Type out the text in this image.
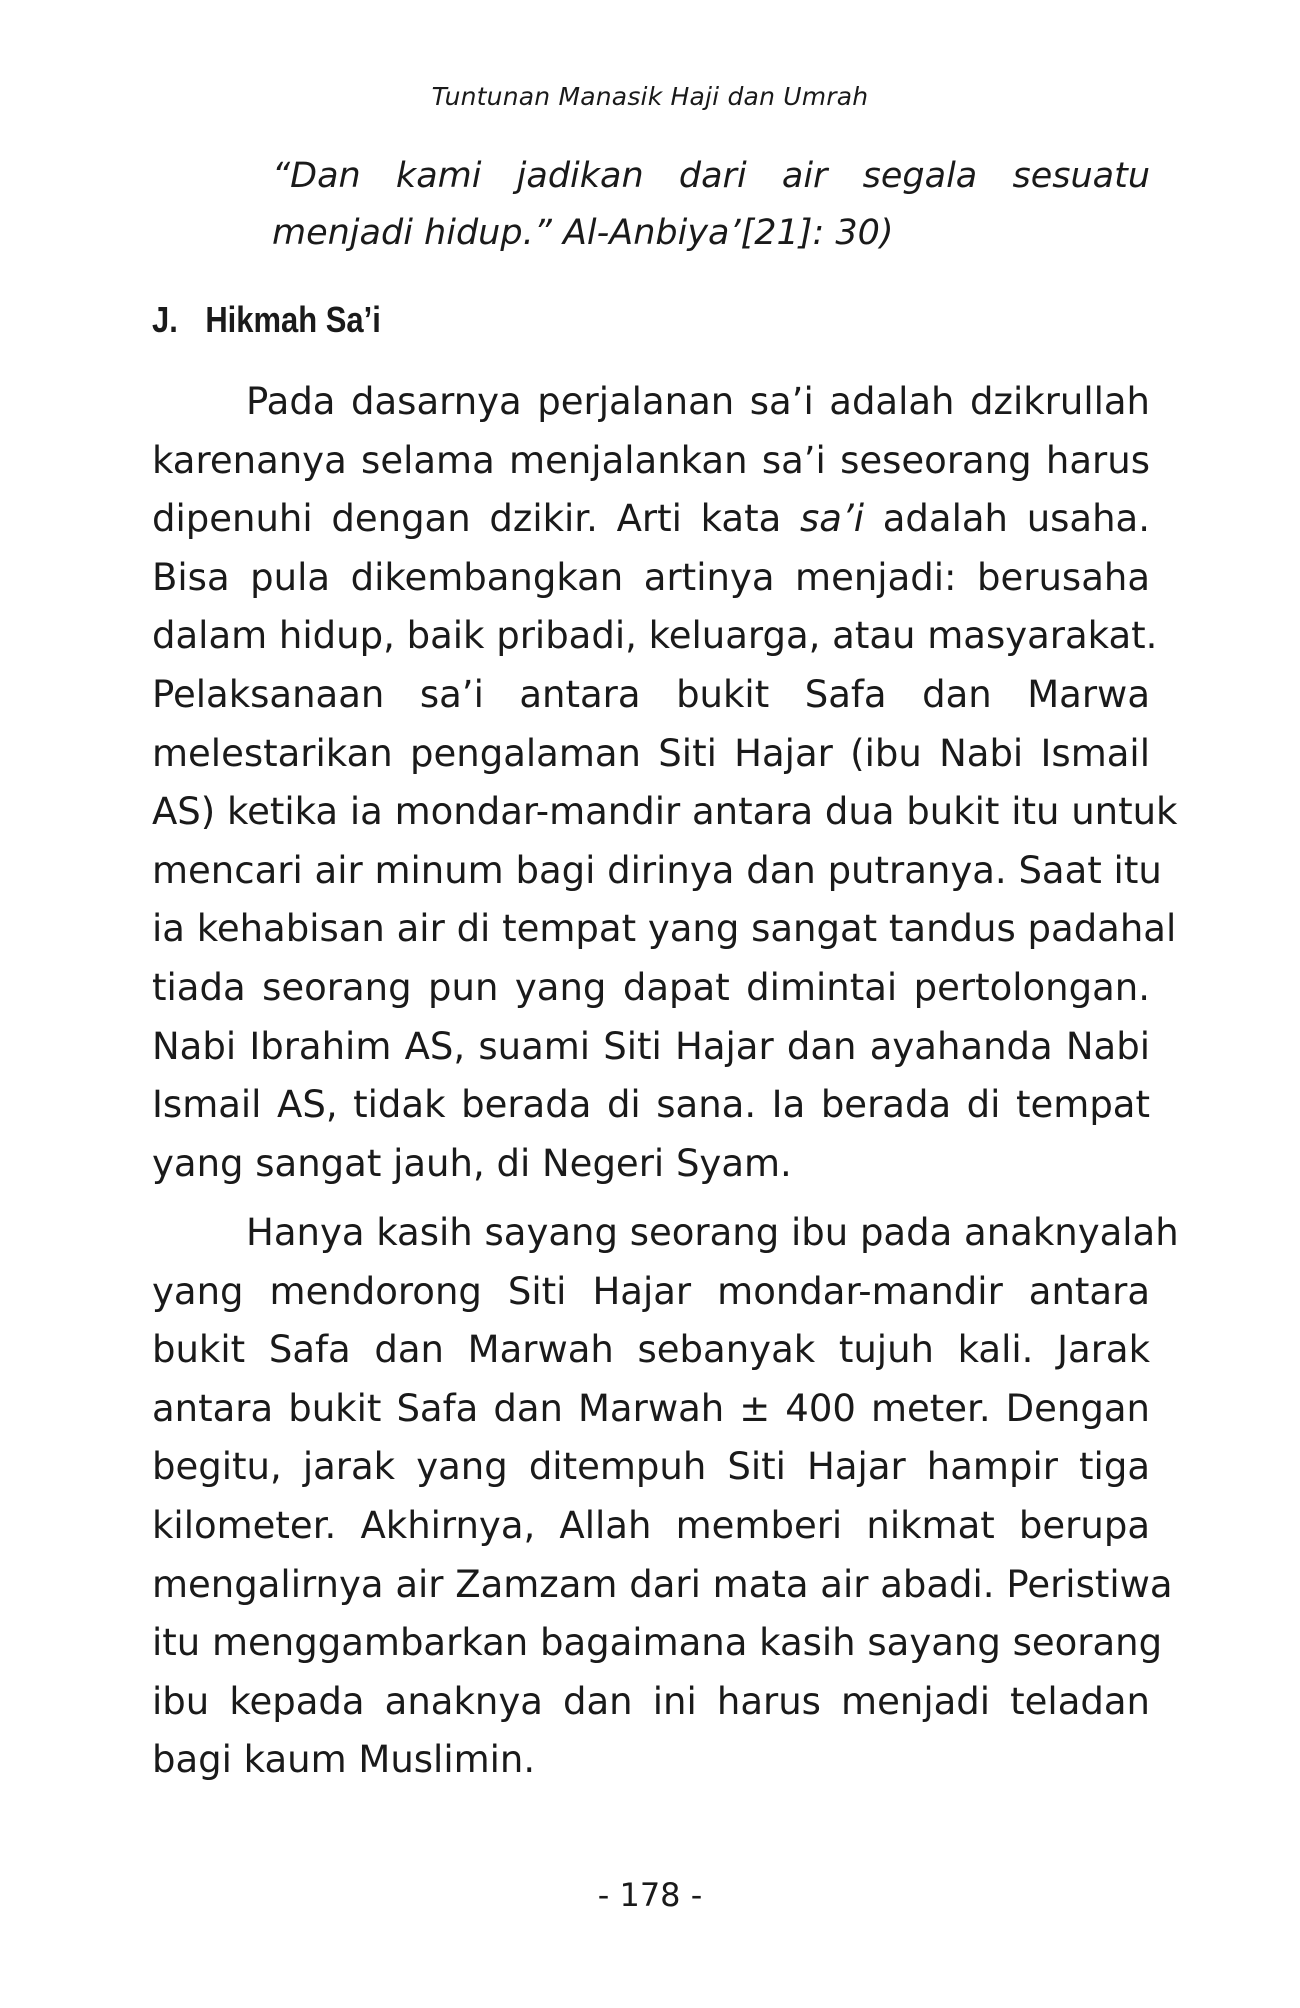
Tuntunan Manasik Haji dan Umrah
“Dan kami jadikan dari air segala sesuatu menjadi hidup.” Al-Anbiya’[21]: 30)
J. Hikmah Sa’i
Pada dasarnya perjalanan sa’i adalah dzikrullah
karenanya selama menjalankan sa’i seseorang harus
dipenuhi dengan dzikir. Arti kata sa’i adalah usaha.
Bisa pula dikembangkan artinya menjadi: berusaha
dalam hidup, baik pribadi, keluarga, atau masyarakat.
Pelaksanaan sa’i antara bukit Safa dan Marwa
melestarikan pengalaman Siti Hajar (ibu Nabi Ismail
AS) ketika ia mondar-mandir antara dua bukit itu untuk
mencari air minum bagi dirinya dan putranya. Saat itu
ia kehabisan air di tempat yang sangat tandus padahal
tiada seorang pun yang dapat dimintai pertolongan.
Nabi Ibrahim AS, suami Siti Hajar dan ayahanda Nabi
Ismail AS, tidak berada di sana. Ia berada di tempat
yang sangat jauh, di Negeri Syam.
Hanya kasih sayang seorang ibu pada anaknyalah
yang mendorong Siti Hajar mondar-mandir antara
bukit Safa dan Marwah sebanyak tujuh kali. Jarak
antara bukit Safa dan Marwah ± 400 meter. Dengan
begitu, jarak yang ditempuh Siti Hajar hampir tiga
kilometer. Akhirnya, Allah memberi nikmat berupa
mengalirnya air Zamzam dari mata air abadi. Peristiwa
itu menggambarkan bagaimana kasih sayang seorang
ibu kepada anaknya dan ini harus menjadi teladan
bagi kaum Muslimin.
- 178 -
